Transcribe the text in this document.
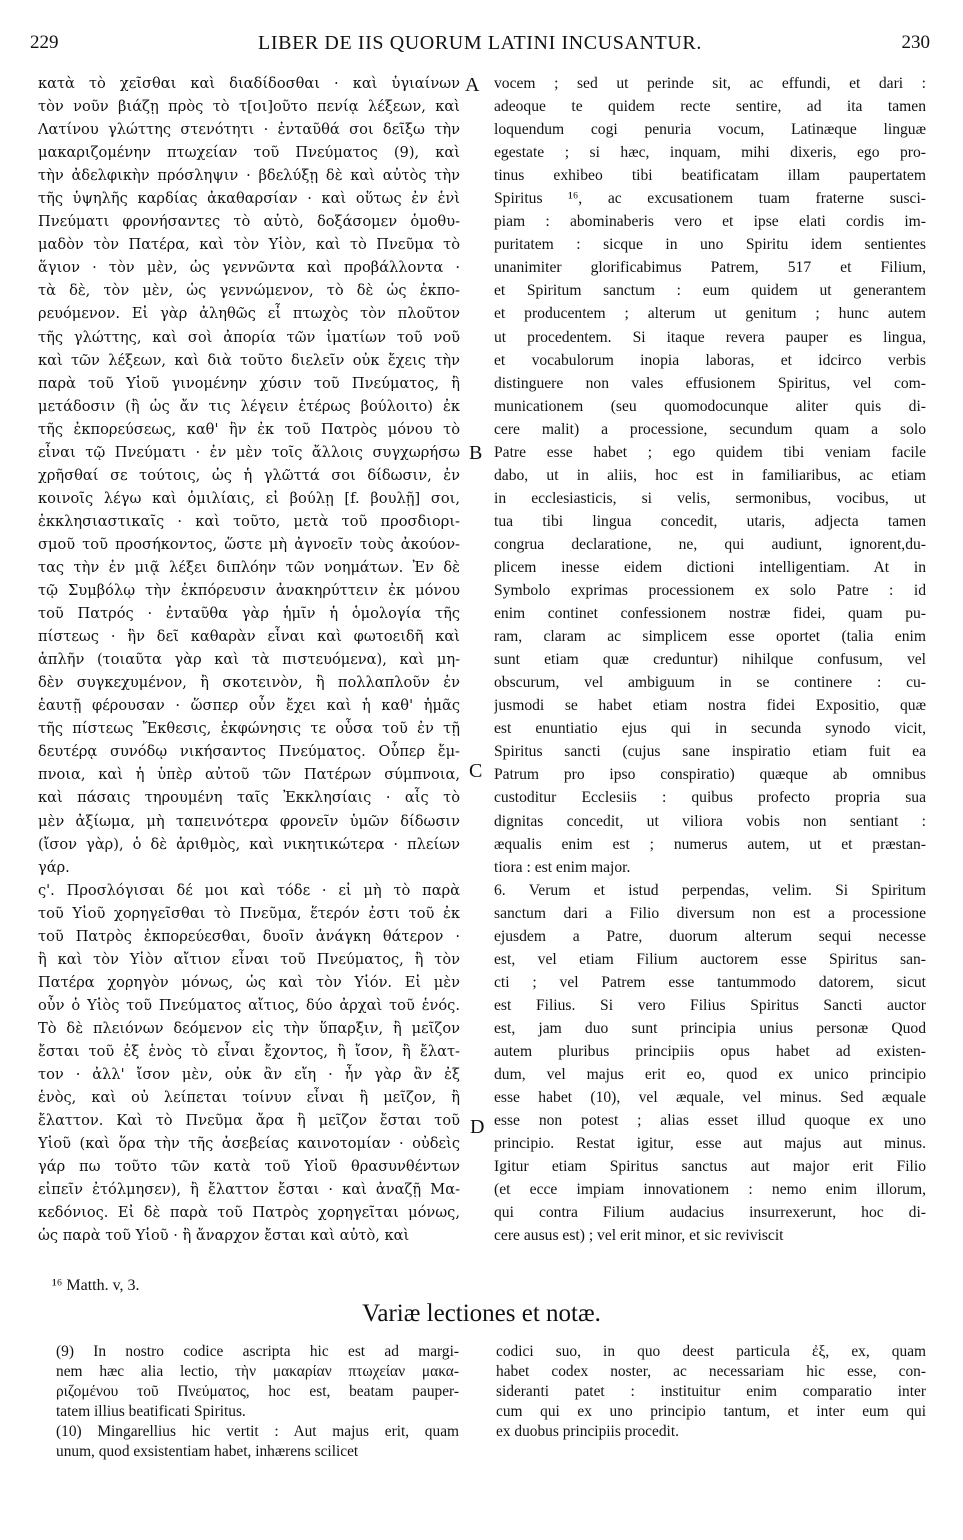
229	LIBER DE IIS QUORUM LATINI INCUSANTUR.	230
κατὰ τὸ χεῖσθαι καὶ διαδίδοσθαι · καὶ ὑγιαίνων
τὸν νοῦν βιάζῃ πρὸς τὸ τ[οι]οῦτο πενίᾳ λέξεων, καὶ
Λατίνου γλώττης στενότητι · ἐνταῦθά σοι δεῖξω τὴν
μακαριζομένην πτωχείαν τοῦ Πνεύματος (9), καὶ
τὴν ἀδελφικὴν πρόσληψιν · βδελύξῃ δὲ καὶ αὐτὸς τὴν
τῆς ὑψηλῆς καρδίας ἀκαθαρσίαν · καὶ οὕτως ἐν ἑνὶ
Πνεύματι φρονήσαντες τὸ αὐτὸ, δοξάσομεν ὁμοθυ-
μαδὸν τὸν Πατέρα, καὶ τὸν Υἱὸν, καὶ τὸ Πνεῦμα τὸ
ἅγιον · τὸν μὲν, ὡς γεννῶντα καὶ προβάλλοντα ·
τὰ δὲ, τὸν μὲν, ὡς γεννώμενον, τὸ δὲ ὡς ἐκπο-
ρευόμενον. Εἰ γὰρ ἀληθῶς εἶ πτωχὸς τὸν πλοῦτον
τῆς γλώττης, καὶ σοὶ ἀπορία τῶν ἱματίων τοῦ νοῦ
καὶ τῶν λέξεων, καὶ διὰ τοῦτο διελεῖν οὐκ ἔχεις τὴν
παρὰ τοῦ Υἱοῦ γινομένην χύσιν τοῦ Πνεύματος, ἢ
μετάδοσιν (ἢ ὡς ἄν τις λέγειν ἑτέρως βούλοιτο) ἐκ
τῆς ἐκπορεύσεως, καθ' ἣν ἐκ τοῦ Πατρὸς μόνου τὸ
εἶναι τῷ Πνεύματι · ἐν μὲν τοῖς ἄλλοις συγχωρήσω
χρῆσθαί σε τούτοις, ὡς ἡ γλῶττά σοι δίδωσιν, ἐν
κοινοῖς λέγω καὶ ὁμιλίαις, εἰ βούλῃ [f. βουλῇ] σοι,
ἐκκλησιαστικαῖς · καὶ τοῦτο, μετὰ τοῦ προσδιορι-
σμοῦ τοῦ προσήκοντος, ὥστε μὴ ἀγνοεῖν τοὺς ἀκούον-
τας τὴν ἐν μιᾷ λέξει διπλόην τῶν νοημάτων. Ἐν δὲ
τῷ Συμβόλῳ τὴν ἐκπόρευσιν ἀνακηρύττειν ἐκ μόνου
τοῦ Πατρός · ἐνταῦθα γὰρ ἡμῖν ἡ ὁμολογία τῆς
πίστεως · ἣν δεῖ καθαρὰν εἶναι καὶ φωτοειδῆ καὶ
ἁπλῆν (τοιαῦτα γὰρ καὶ τὰ πιστευόμενα), καὶ μη-
δὲν συγκεχυμένον, ἢ σκοτεινὸν, ἢ πολλαπλοῦν ἐν
ἑαυτῇ φέρουσαν · ὥσπερ οὖν ἔχει καὶ ἡ καθ' ἡμᾶς
τῆς πίστεως Ἔκθεσις, ἐκφώνησις τε οὖσα τοῦ ἐν τῇ
δευτέρᾳ συνόδῳ νικήσαντος Πνεύματος. Οὗπερ ἔμ-
πνοια, καὶ ἡ ὑπὲρ αὐτοῦ τῶν Πατέρων σύμπνοια,
καὶ πάσαις τηρουμένη ταῖς Ἐκκλησίαις · αἷς τὸ
μὲν ἀξίωμα, μὴ ταπεινότερα φρονεῖν ὑμῶν δίδωσιν
(ἴσον γὰρ), ὁ δὲ ἀριθμὸς, καὶ νικητικώτερα · πλείων
γάρ.
ς'. Προσλόγισαι δέ μοι καὶ τόδε · εἰ μὴ τὸ παρὰ
τοῦ Υἱοῦ χορηγεῖσθαι τὸ Πνεῦμα, ἕτερόν ἐστι τοῦ ἐκ
τοῦ Πατρὸς ἐκπορεύεσθαι, δυοῖν ἀνάγκη θάτερον ·
ἢ καὶ τὸν Υἱὸν αἴτιον εἶναι τοῦ Πνεύματος, ἢ τὸν
Πατέρα χορηγὸν μόνως, ὡς καὶ τὸν Υἱόν. Εἰ μὲν
οὖν ὁ Υἱὸς τοῦ Πνεύματος αἴτιος, δύο ἀρχαὶ τοῦ ἑνός.
Τὸ δὲ πλειόνων δεόμενον εἰς τὴν ὕπαρξιν, ἢ μεῖζον
ἔσται τοῦ ἐξ ἑνὸς τὸ εἶναι ἔχοντος, ἢ ἴσον, ἢ ἔλατ-
τον · ἀλλ' ἴσον μὲν, οὐκ ἂν εἴη · ἦν γὰρ ἂν ἐξ
ἑνὸς, καὶ οὐ λείπεται τοίνυν εἶναι ἢ μεῖζον, ἢ
ἔλαττον. Καὶ τὸ Πνεῦμα ἄρα ἢ μεῖζον ἔσται τοῦ
Υἱοῦ (καὶ ὅρα τὴν τῆς ἀσεβείας καινοτομίαν · οὐδεὶς
γάρ πω τοῦτο τῶν κατὰ τοῦ Υἱοῦ θρασυνθέντων
εἰπεῖν ἐτόλμησεν), ἢ ἔλαττον ἔσται · καὶ ἀναζῇ Μα-
κεδόνιος. Εἰ δὲ παρὰ τοῦ Πατρὸς χορηγεῖται μόνως,
ὡς παρὰ τοῦ Υἱοῦ · ἢ ἄναρχον ἔσται καὶ αὐτὸ, καὶ
vocem ; sed ut perinde sit, ac effundi, et dari :
adeoque te quidem recte sentire, ad ita tamen
loquendum cogi penuria vocum, Latinæque linguæ
egestate ; si hæc, inquam, mihi dixeris, ego pro-
tinus exhibeo tibi beatificatam illam paupertatem
Spiritus ¹⁶, ac excusationem tuam fraterne susci-
piam : abominaberis vero et ipse elati cordis im-
puritatem : sicque in uno Spiritu idem sentientes
unanimiter glorificabimus Patrem, 517 et Filium,
et Spiritum sanctum : eum quidem ut generantem
et producentem ; alterum ut genitum ; hunc autem
ut procedentem. Si itaque revera pauper es lingua,
et vocabulorum inopia laboras, et idcirco verbis
distinguere non vales effusionem Spiritus, vel com-
municationem (seu quomodocunque aliter quis di-
cere malit) a processione, secundum quam a solo
Patre esse habet ; ego quidem tibi veniam facile
dabo, ut in aliis, hoc est in familiaribus, ac etiam
in ecclesiasticis, si velis, sermonibus, vocibus, ut
tua tibi lingua concedit, utaris, adjecta tamen
congrua declaratione, ne, qui audiunt, ignorent,du-
plicem inesse eidem dictioni intelligentiam. At in
Symbolo exprimas processionem ex solo Patre : id
enim continet confessionem nostræ fidei, quam pu-
ram, claram ac simplicem esse oportet (talia enim
sunt etiam quæ creduntur) nihilque confusum, vel
obscurum, vel ambiguum in se continere : cu-
jusmodi se habet etiam nostra fidei Expositio, quæ
est enuntiatio ejus qui in secunda synodo vicit,
Spiritus sancti (cujus sane inspiratio etiam fuit ea
Patrum pro ipso conspiratio) quæque ab omnibus
custoditur Ecclesiis : quibus profecto propria sua
dignitas concedit, ut viliora vobis non sentiant :
æqualis enim est ; numerus autem, ut et præstan-
tiora : est enim major.
6. Verum et istud perpendas, velim. Si Spiritum
sanctum dari a Filio diversum non est a processione
ejusdem a Patre, duorum alterum sequi necesse
est, vel etiam Filium auctorem esse Spiritus san-
cti ; vel Patrem esse tantummodo datorem, sicut
est Filius. Si vero Filius Spiritus Sancti auctor
est, jam duo sunt principia unius personæ Quod
autem pluribus principiis opus habet ad existen-
dum, vel majus erit eo, quod ex unico principio
esse habet (10), vel æquale, vel minus. Sed æquale
esse non potest ; alias esset illud quoque ex uno
principio. Restat igitur, esse aut majus aut minus.
Igitur etiam Spiritus sanctus aut major erit Filio
(et ecce impiam innovationem : nemo enim illorum,
qui contra Filium audacius insurrexerunt, hoc di-
cere ausus est) ; vel erit minor, et sic reviviscit
A
B
C
D
¹⁶ Matth. v, 3.
Variæ lectiones et notæ.
(9) In nostro codice ascripta hic est ad margi-
nem hæc alia lectio, τὴν μακαρίαν πτωχείαν μακα-
ριζομένου τοῦ Πνεύματος, hoc est, beatam pauper-
tatem illius beatificati Spiritus.
(10) Mingarellius hic vertit : Aut majus erit, quam
unum, quod exsistentiam habet, inhærens scilicet
codici suo, in quo deest particula ἐξ, ex, quam
habet codex noster, ac necessariam hic esse, con-
sideranti patet : instituitur enim comparatio inter
cum qui ex uno principio tantum, et inter eum qui
ex duobus principiis procedit.
